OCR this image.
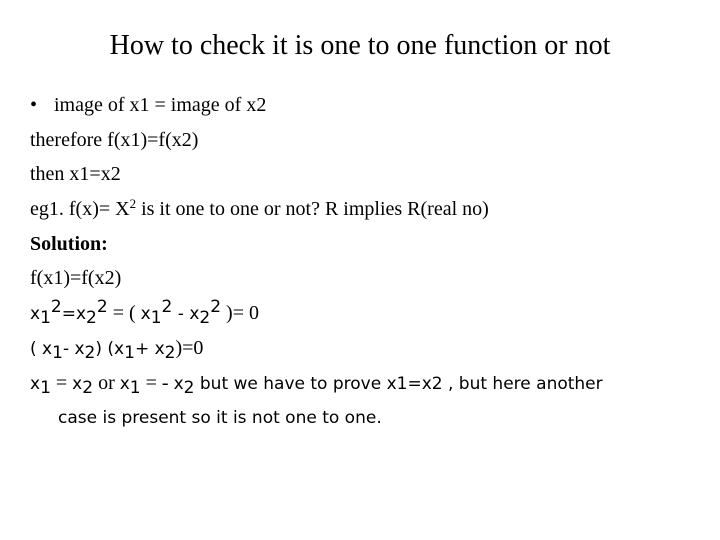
How to check it is one to one function or not
• image of x1 = image of x2
therefore f(x1)=f(x2)
then x1=x2
eg1. $f(x)= X^2$ is it one to one or not? R implies R(real no)
Solution:
f(x1)=f(x2)
$x_1^2=x_2^2$ = ( $x_1^2 - x_2^2$ )= 0
( $x_1-$ $x_2$) $(x_1+ x_2)=0$
$x_1 = x_2$ or $x_1$ = - $x_2$ but we have to prove x1=x2 , but here another
case is present so it is not one to one.
